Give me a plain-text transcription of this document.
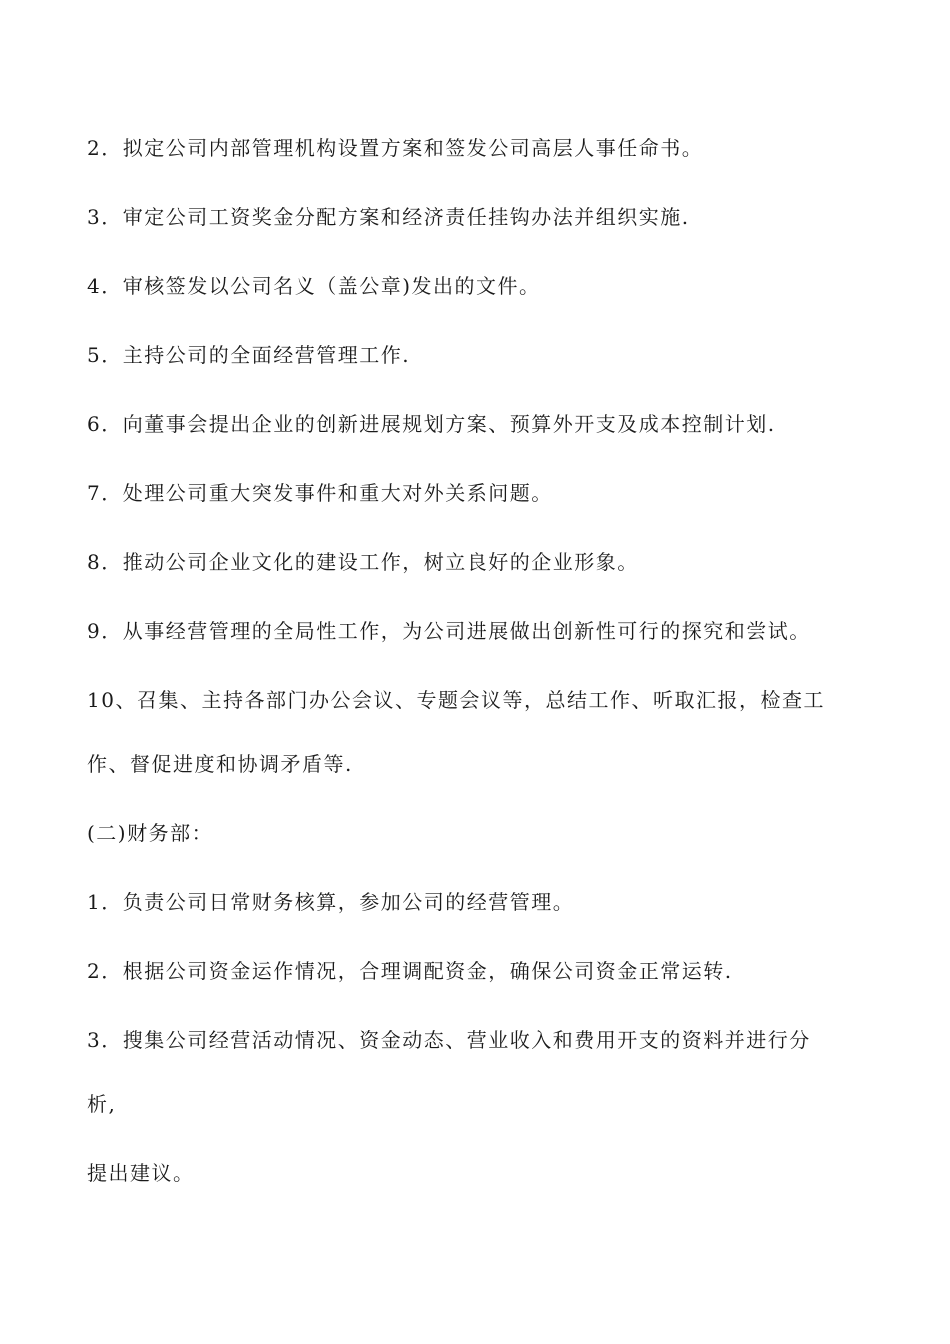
2．拟定公司内部管理机构设置方案和签发公司高层人事任命书。
3．审定公司工资奖金分配方案和经济责任挂钩办法并组织实施.
4．审核签发以公司名义（盖公章)发出的文件。
5．主持公司的全面经营管理工作.
6．向董事会提出企业的创新进展规划方案、预算外开支及成本控制计划.
7．处理公司重大突发事件和重大对外关系问题。
8．推动公司企业文化的建设工作，树立良好的企业形象。
9．从事经营管理的全局性工作，为公司进展做出创新性可行的探究和尝试。
10、召集、主持各部门办公会议、专题会议等，总结工作、听取汇报，检查工
作、督促进度和协调矛盾等.
(二)财务部：
1．负责公司日常财务核算，参加公司的经营管理。
2．根据公司资金运作情况，合理调配资金，确保公司资金正常运转.
3．搜集公司经营活动情况、资金动态、营业收入和费用开支的资料并进行分
析,
提出建议。
